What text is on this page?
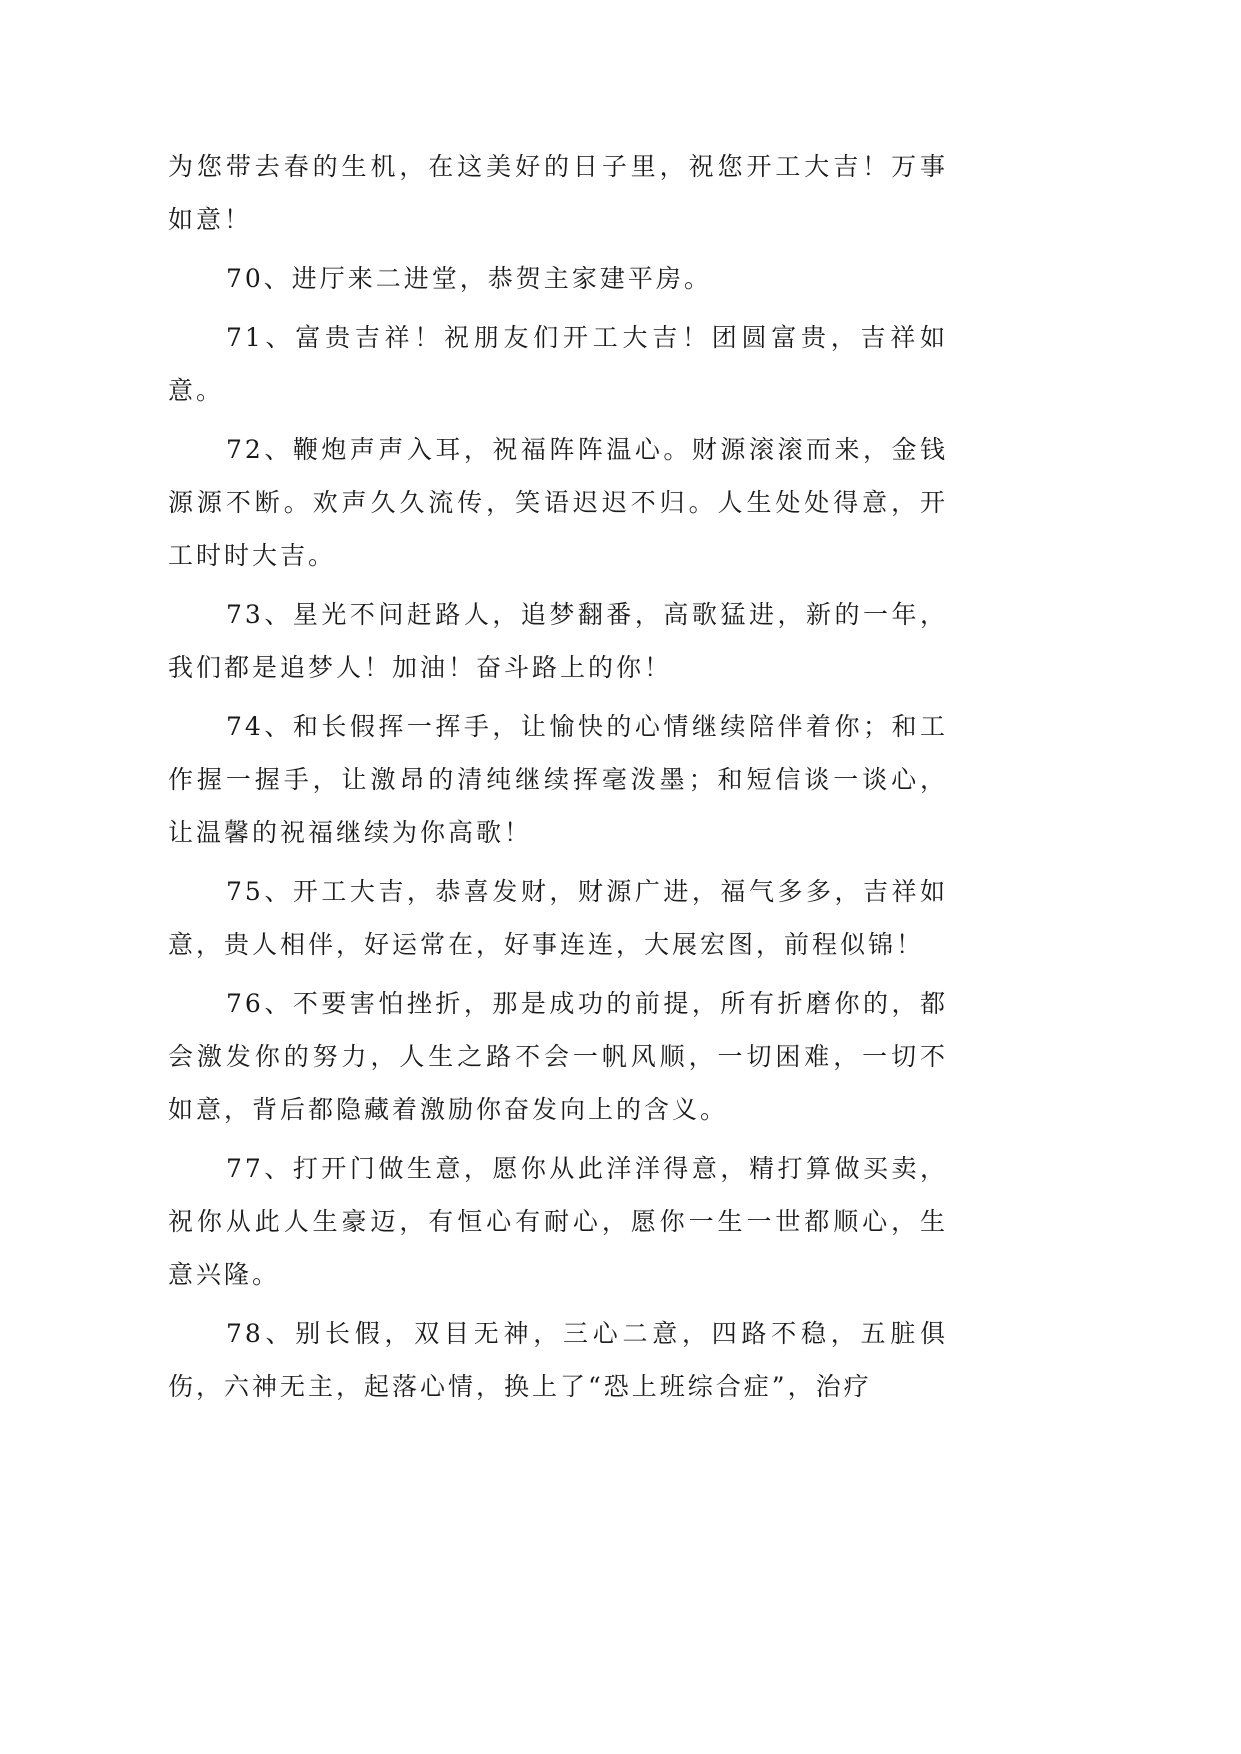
为您带去春的生机，在这美好的日子里，祝您开工大吉！万事如意！

70、进厅来二进堂，恭贺主家建平房。

71、富贵吉祥！祝朋友们开工大吉！团圆富贵，吉祥如意。

72、鞭炮声声入耳，祝福阵阵温心。财源滚滚而来，金钱源源不断。欢声久久流传，笑语迟迟不归。人生处处得意，开工时时大吉。

73、星光不问赶路人，追梦翻番，高歌猛进，新的一年，我们都是追梦人！加油！奋斗路上的你！

74、和长假挥一挥手，让愉快的心情继续陪伴着你；和工作握一握手，让激昂的清纯继续挥毫泼墨；和短信谈一谈心，让温馨的祝福继续为你高歌！

75、开工大吉，恭喜发财，财源广进，福气多多，吉祥如意，贵人相伴，好运常在，好事连连，大展宏图，前程似锦！

76、不要害怕挫折，那是成功的前提，所有折磨你的，都会激发你的努力，人生之路不会一帆风顺，一切困难，一切不如意，背后都隐藏着激励你奋发向上的含义。

77、打开门做生意，愿你从此洋洋得意，精打算做买卖，祝你从此人生豪迈，有恒心有耐心，愿你一生一世都顺心，生意兴隆。

78、别长假，双目无神，三心二意，四路不稳，五脏俱伤，六神无主，起落心情，换上了“恐上班综合症”，治疗
